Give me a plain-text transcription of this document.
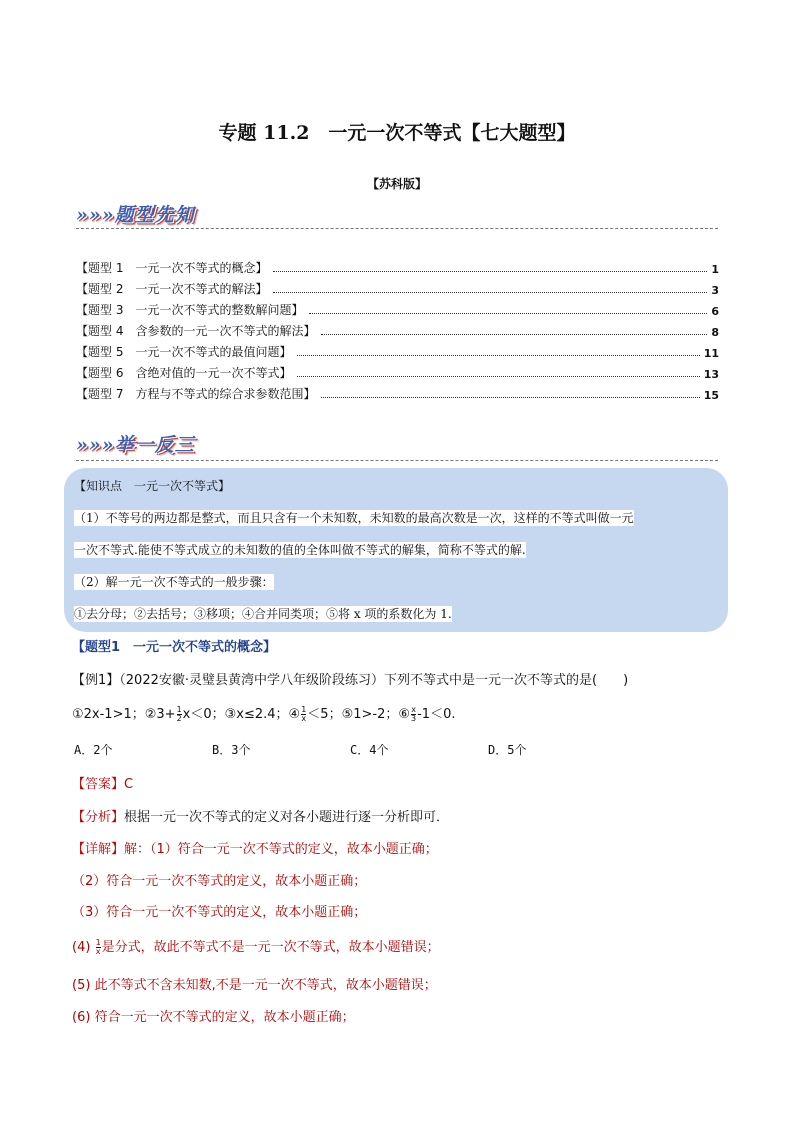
专题 11.2　一元一次不等式【七大题型】
【苏科版】
»»»题型先知
【题型 1　一元一次不等式的概念】	1
【题型 2　一元一次不等式的解法】	3
【题型 3　一元一次不等式的整数解问题】	6
【题型 4　含参数的一元一次不等式的解法】	8
【题型 5　一元一次不等式的最值问题】	11
【题型 6　含绝对值的一元一次不等式】	13
【题型 7　方程与不等式的综合求参数范围】	15
»»»举一反三
【知识点　一元一次不等式】
（1）不等号的两边都是整式，而且只含有一个未知数，未知数的最高次数是一次，这样的不等式叫做一元
一次不等式.能使不等式成立的未知数的值的全体叫做不等式的解集，简称不等式的解.
（2）解一元一次不等式的一般步骤：
①去分母；②去括号；③移项；④合并同类项；⑤将 x 项的系数化为 1.
【题型1　一元一次不等式的概念】
【例1】（2022安徽·灵璧县黄湾中学八年级阶段练习）下列不等式中是一元一次不等式的是(　　)
①2x-1>1；②3+ $\frac{1}{2} x<0$；③x≤2.4；④ $\frac{1}{x} <5$；⑤1>-2；⑥ $\frac{x}{3} -1<0$.
A．2个	B．3个	C．4个	D．5个
【答案】C
【分析】根据一元一次不等式的定义对各小题进行逐一分析即可．
【详解】解：（1）符合一元一次不等式的定义，故本小题正确；
（2）符合一元一次不等式的定义，故本小题正确；
（3）符合一元一次不等式的定义，故本小题正确；
$(4) \frac{1}{x}$ 是分式，故此不等式不是一元一次不等式，故本小题错误；
(5) 此不等式不含未知数,不是一元一次不等式，故本小题错误；
(6) 符合一元一次不等式的定义，故本小题正确；
